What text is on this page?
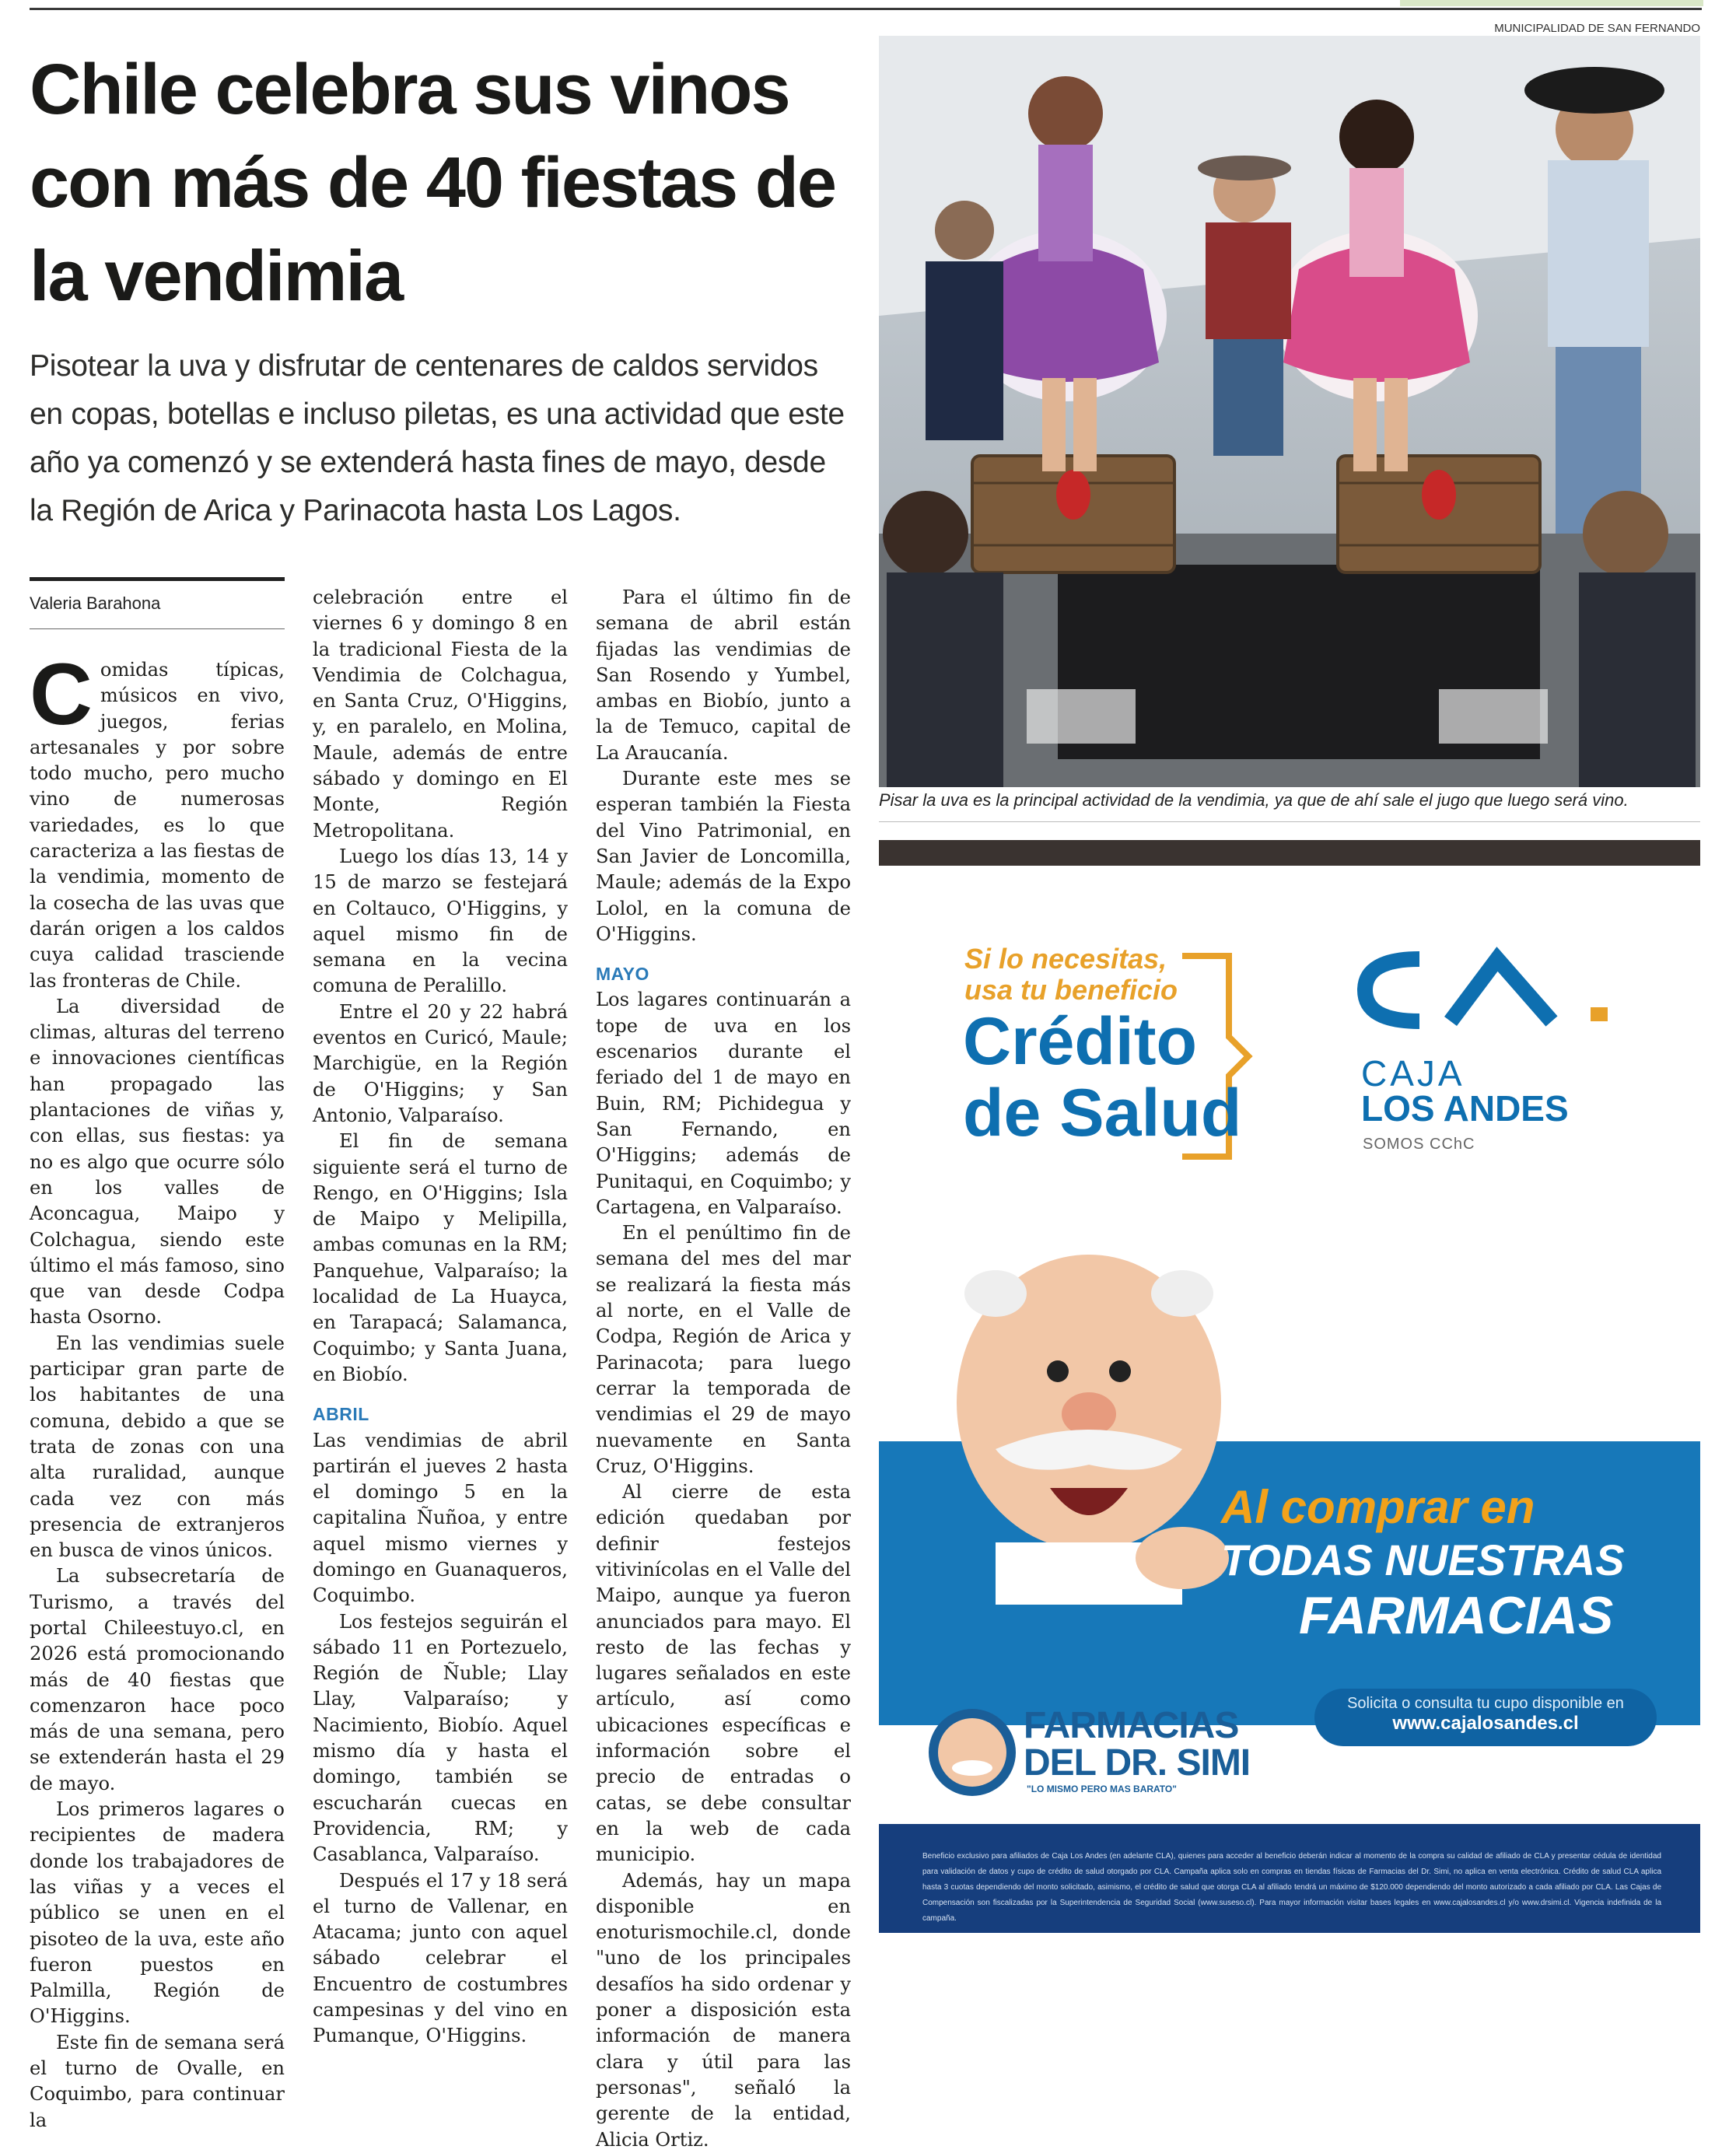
Chile celebra sus vinos con más de 40 fiestas de la vendimia

Pisotear la uva y disfrutar de centenares de caldos servidos en copas, botellas e incluso piletas, es una actividad que este año ya comenzó y se extenderá hasta fines de mayo, desde la Región de Arica y Parinacota hasta Los Lagos.

Valeria Barahona

Comidas típicas, músicos en vivo, juegos, ferias artesanales y por sobre todo mucho, pero mucho vino de numerosas variedades, es lo que caracteriza a las fiestas de la vendimia, momento de la cosecha de las uvas que darán origen a los caldos cuya calidad trasciende las fronteras de Chile.

La diversidad de climas, alturas del terreno e innovaciones científicas han propagado las plantaciones de viñas y, con ellas, sus fiestas: ya no es algo que ocurre sólo en los valles de Aconcagua, Maipo y Colchagua, siendo este último el más famoso, sino que van desde Codpa hasta Osorno.

En las vendimias suele participar gran parte de los habitantes de una comuna, debido a que se trata de zonas con una alta ruralidad, aunque cada vez con más presencia de extranjeros en busca de vinos únicos.

La subsecretaría de Turismo, a través del portal Chileestuyo.cl, en 2026 está promocionando más de 40 fiestas que comenzaron hace poco más de una semana, pero se extenderán hasta el 29 de mayo.

Los primeros lagares o recipientes de madera donde los trabajadores de las viñas y a veces el público se unen en el pisoteo de la uva, este año fueron puestos en Palmilla, Región de O'Higgins.

Este fin de semana será el turno de Ovalle, en Coquimbo, para continuar la

celebración entre el viernes 6 y domingo 8 en la tradicional Fiesta de la Vendimia de Colchagua, en Santa Cruz, O'Higgins, y, en paralelo, en Molina, Maule, además de entre sábado y domingo en El Monte, Región Metropolitana.

Luego los días 13, 14 y 15 de marzo se festejará en Coltauco, O'Higgins, y aquel mismo fin de semana en la vecina comuna de Peralillo.

Entre el 20 y 22 habrá eventos en Curicó, Maule; Marchigüe, en la Región de O'Higgins; y San Antonio, Valparaíso.

El fin de semana siguiente será el turno de Rengo, en O'Higgins; Isla de Maipo y Melipilla, ambas comunas en la RM; Panquehue, Valparaíso; la localidad de La Huayca, en Tarapacá; Salamanca, Coquimbo; y Santa Juana, en Biobío.

ABRIL

Las vendimias de abril partirán el jueves 2 hasta el domingo 5 en la capitalina Ñuñoa, y entre aquel mismo viernes y domingo en Guanaqueros, Coquimbo.

Los festejos seguirán el sábado 11 en Portezuelo, Región de Ñuble; Llay Llay, Valparaíso; y Nacimiento, Biobío. Aquel mismo día y hasta el domingo, también se escucharán cuecas en Providencia, RM; y Casablanca, Valparaíso.

Después el 17 y 18 será el turno de Vallenar, en Atacama; junto con aquel sábado celebrar el Encuentro de costumbres campesinas y del vino en Pumanque, O'Higgins.

Para el último fin de semana de abril están fijadas las vendimias de San Rosendo y Yumbel, ambas en Biobío, junto a la de Temuco, capital de La Araucanía.

Durante este mes se esperan también la Fiesta del Vino Patrimonial, en San Javier de Loncomilla, Maule; además de la Expo Lolol, en la comuna de O'Higgins.

MAYO

Los lagares continuarán a tope de uva en los escenarios durante el feriado del 1 de mayo en Buin, RM; Pichidegua y San Fernando, en O'Higgins; además de Punitaqui, en Coquimbo; y Cartagena, en Valparaíso.

En el penúltimo fin de semana del mes del mar se realizará la fiesta más al norte, en el Valle de Codpa, Región de Arica y Parinacota; para luego cerrar la temporada de vendimias el 29 de mayo nuevamente en Santa Cruz, O'Higgins.

Al cierre de esta edición quedaban por definir festejos vitivinícolas en el Valle del Maipo, aunque ya fueron anunciados para mayo. El resto de las fechas y lugares señalados en este artículo, así como ubicaciones específicas e información sobre el precio de entradas o catas, se debe consultar en la web de cada municipio.

Además, hay un mapa disponible en enoturismochile.cl, donde "uno de los principales desafíos ha sido ordenar y poner a disposición esta información de manera clara y útil para las personas", señaló la gerente de la entidad, Alicia Ortiz.

MUNICIPALIDAD DE SAN FERNANDO
Pisar la uva es la principal actividad de la vendimia, ya que de ahí sale el jugo que luego será vino.
Si lo necesitas,
usa tu beneficio
Crédito
de Salud
CAJA
LOS ANDES
SOMOS CChC
Al comprar en
TODAS NUESTRAS
FARMACIAS
Solicita o consulta tu cupo disponible en
www.cajalosandes.cl
FARMACIAS
DEL DR. SIMI
"LO MISMO PERO MAS BARATO"
Beneficio exclusivo para afiliados de Caja Los Andes (en adelante CLA), quienes para acceder al beneficio deberán indicar al momento de la compra su calidad de afiliado de CLA y presentar cédula de identidad para validación de datos y cupo de crédito de salud otorgado por CLA. Campaña aplica solo en compras en tiendas físicas de Farmacias del Dr. Simi, no aplica en venta electrónica. Crédito de salud CLA aplica hasta 3 cuotas dependiendo del monto solicitado, asimismo, el crédito de salud que otorga CLA al afiliado tendrá un máximo de $120.000 dependiendo del monto autorizado a cada afiliado por CLA. Las Cajas de Compensación son fiscalizadas por la Superintendencia de Seguridad Social (www.suseso.cl). Para mayor información visitar bases legales en www.cajalosandes.cl y/o www.drsimi.cl. Vigencia indefinida de la campaña.
